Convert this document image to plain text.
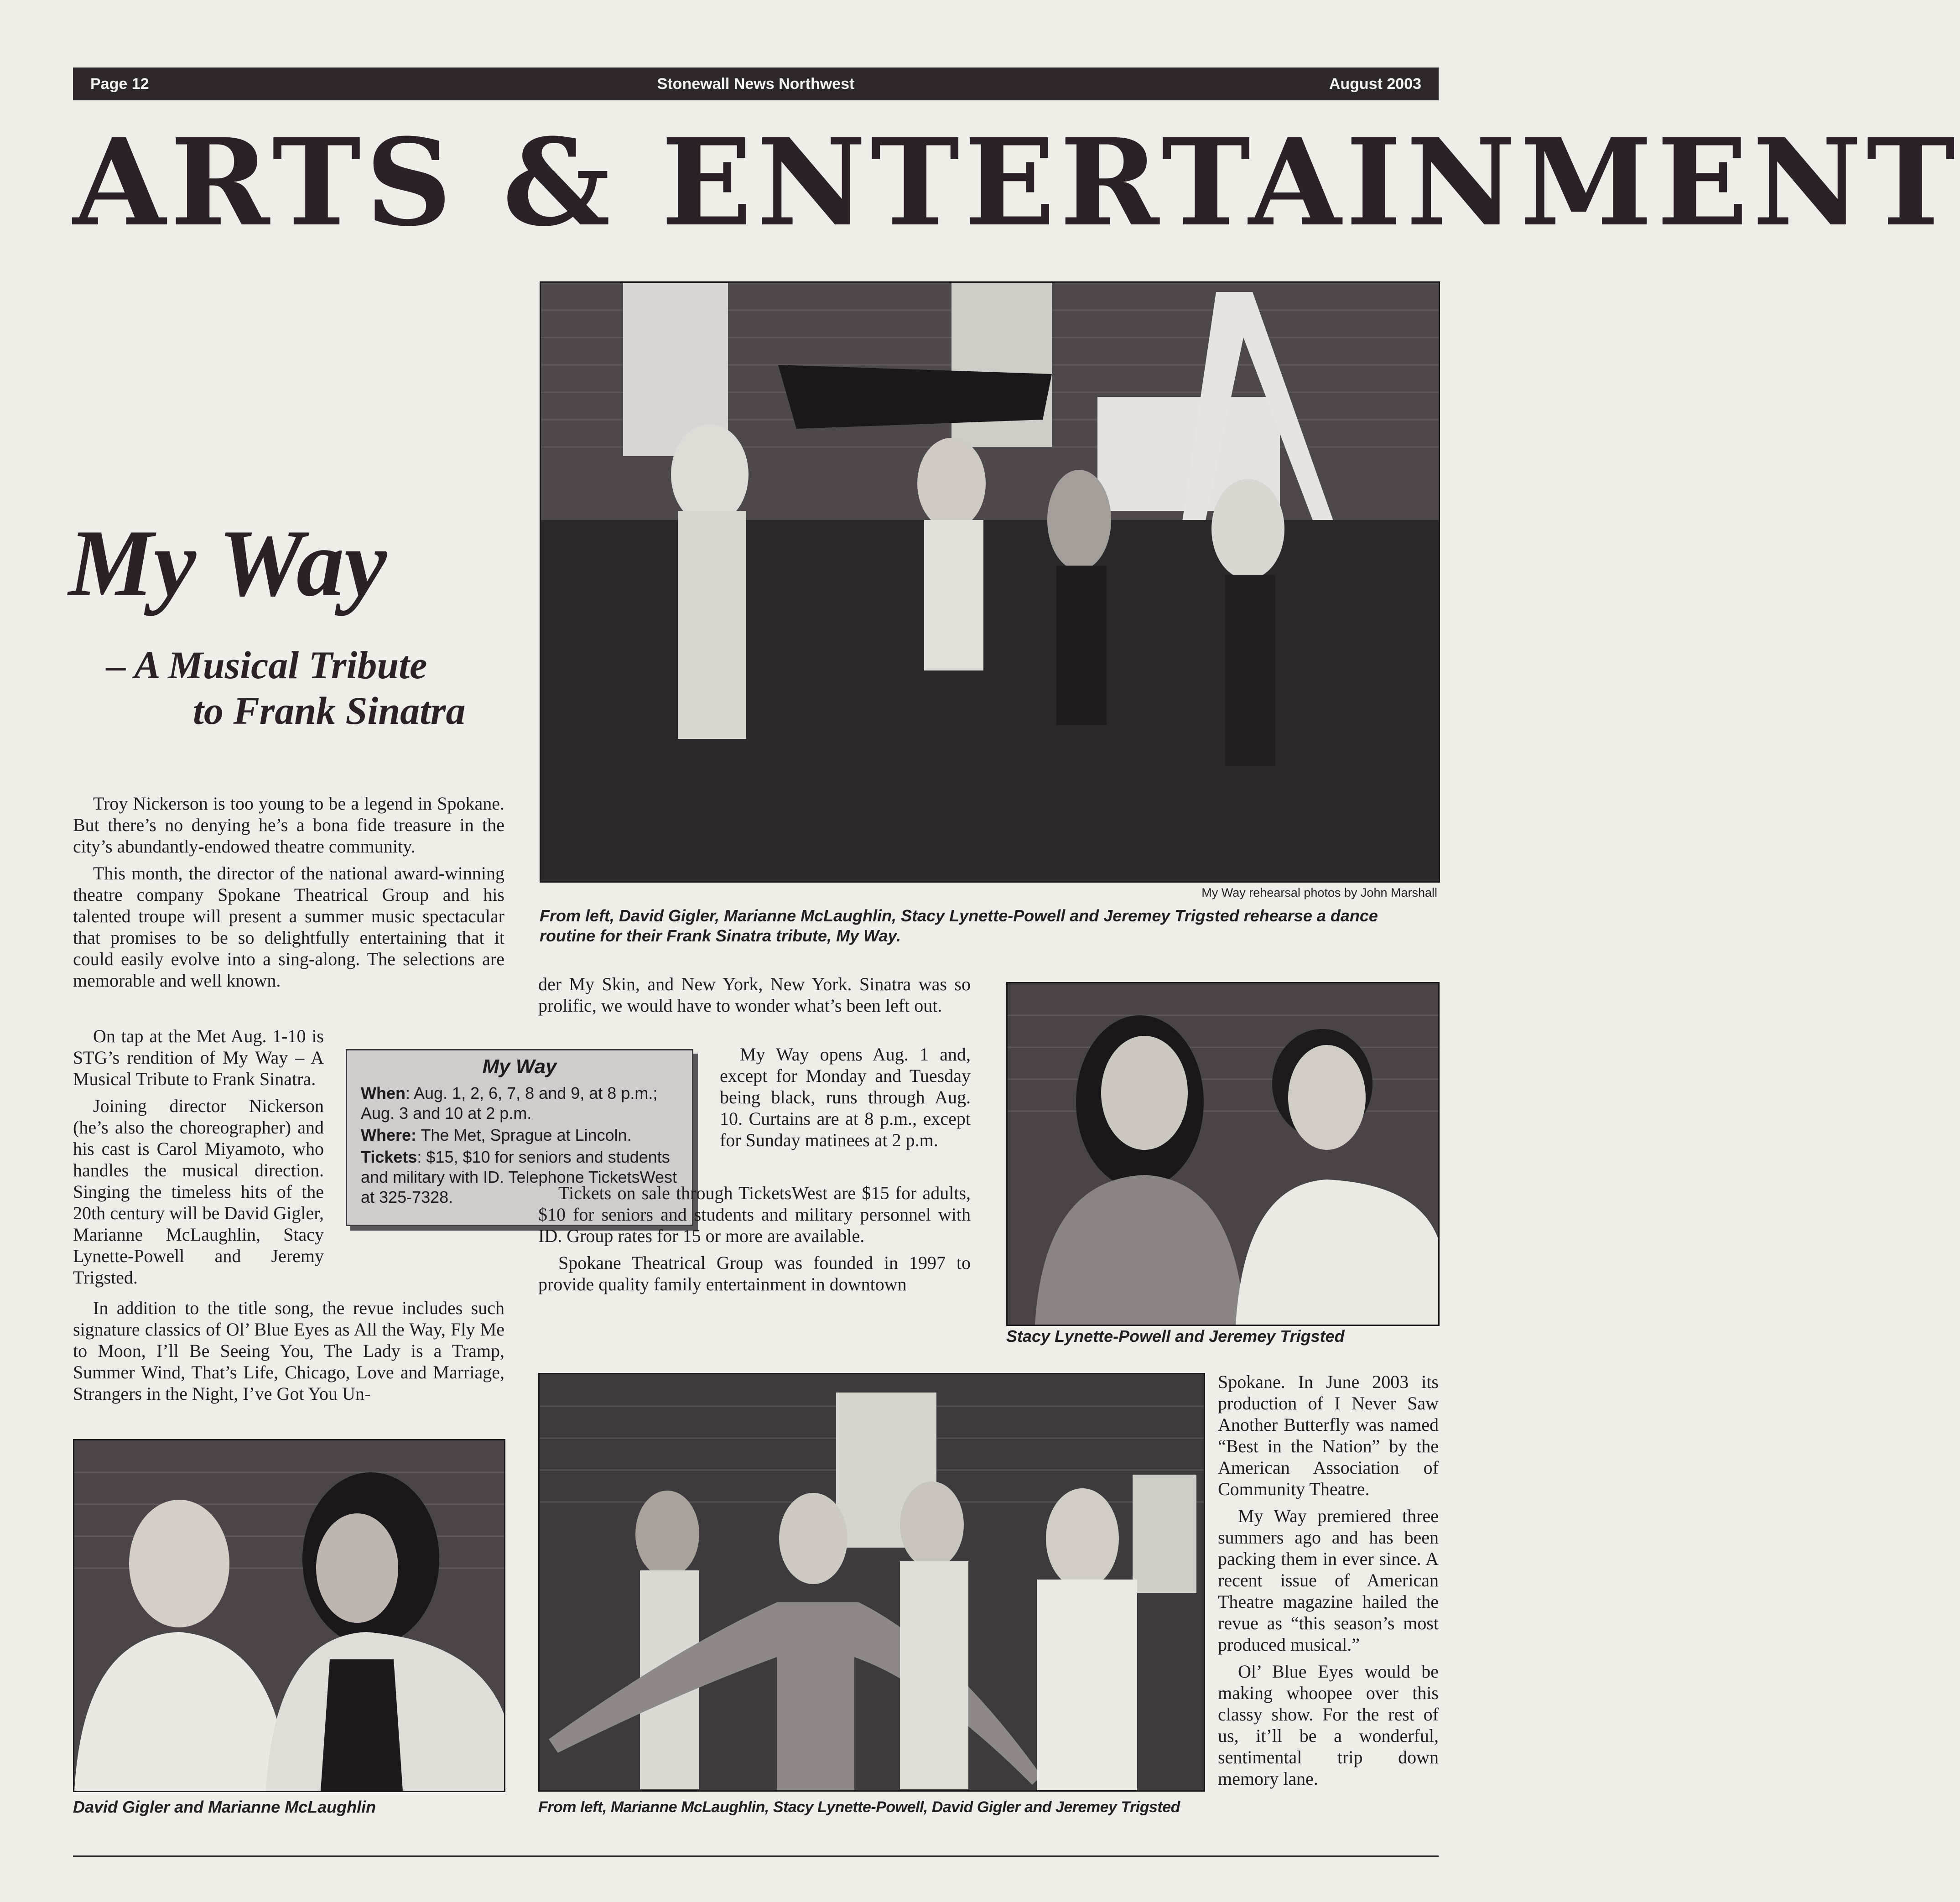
Page 12	Stonewall News Northwest	August 2003
ARTS & ENTERTAINMENT
My Way rehearsal photos by John Marshall
From left, David Gigler, Marianne McLaughlin, Stacy Lynette-Powell and Jeremey Trigsted rehearse a dance routine for their Frank Sinatra tribute, My Way.
My Way
– A Musical Tribute
to Frank Sinatra

Troy Nickerson is too young to be a legend in Spokane. But there’s no denying he’s a bona fide treasure in the city’s abundantly-endowed theatre community.

This month, the director of the national award-winning theatre company Spokane Theatrical Group and his talented troupe will present a summer music spectacular that promises to be so delightfully entertaining that it could easily evolve into a sing-along. The selections are memorable and well known.

On tap at the Met Aug. 1-10 is STG’s rendition of My Way – A Musical Tribute to Frank Sinatra.

Joining director Nickerson (he’s also the choreographer) and his cast is Carol Miyamoto, who handles the musical direction. Singing the timeless hits of the 20th century will be David Gigler, Marianne McLaughlin, Stacy Lynette-Powell and Jeremy Trigsted.

My Way

When: Aug. 1, 2, 6, 7, 8 and 9, at 8 p.m.; Aug. 3 and 10 at 2 p.m.

Where: The Met, Sprague at Lincoln.

Tickets: $15, $10 for seniors and students and military with ID. Telephone TicketsWest at 325-7328.

In addition to the title song, the revue includes such signature classics of Ol’ Blue Eyes as All the Way, Fly Me to Moon, I’ll Be Seeing You, The Lady is a Tramp, Summer Wind, That’s Life, Chicago, Love and Marriage, Strangers in the Night, I’ve Got You Un-

der My Skin, and New York, New York. Sinatra was so prolific, we would have to wonder what’s been left out.

My Way opens Aug. 1 and, except for Monday and Tuesday being black, runs through Aug. 10. Curtains are at 8 p.m., except for Sunday matinees at 2 p.m.

Tickets on sale through TicketsWest are $15 for adults, $10 for seniors and students and military personnel with ID. Group rates for 15 or more are available.

Spokane Theatrical Group was founded in 1997 to provide quality family entertainment in downtown

Stacy Lynette-Powell and Jeremey Trigsted
David Gigler and Marianne McLaughlin	From left, Marianne McLaughlin, Stacy Lynette-Powell, David Gigler and Jeremey Trigsted

Spokane. In June 2003 its production of I Never Saw Another Butterfly was named “Best in the Nation” by the American Association of Community Theatre.

My Way premiered three summers ago and has been packing them in ever since. A recent issue of American Theatre magazine hailed the revue as “this season’s most produced musical.”

Ol’ Blue Eyes would be making whoopee over this classy show. For the rest of us, it’ll be a wonderful, sentimental trip down memory lane.
